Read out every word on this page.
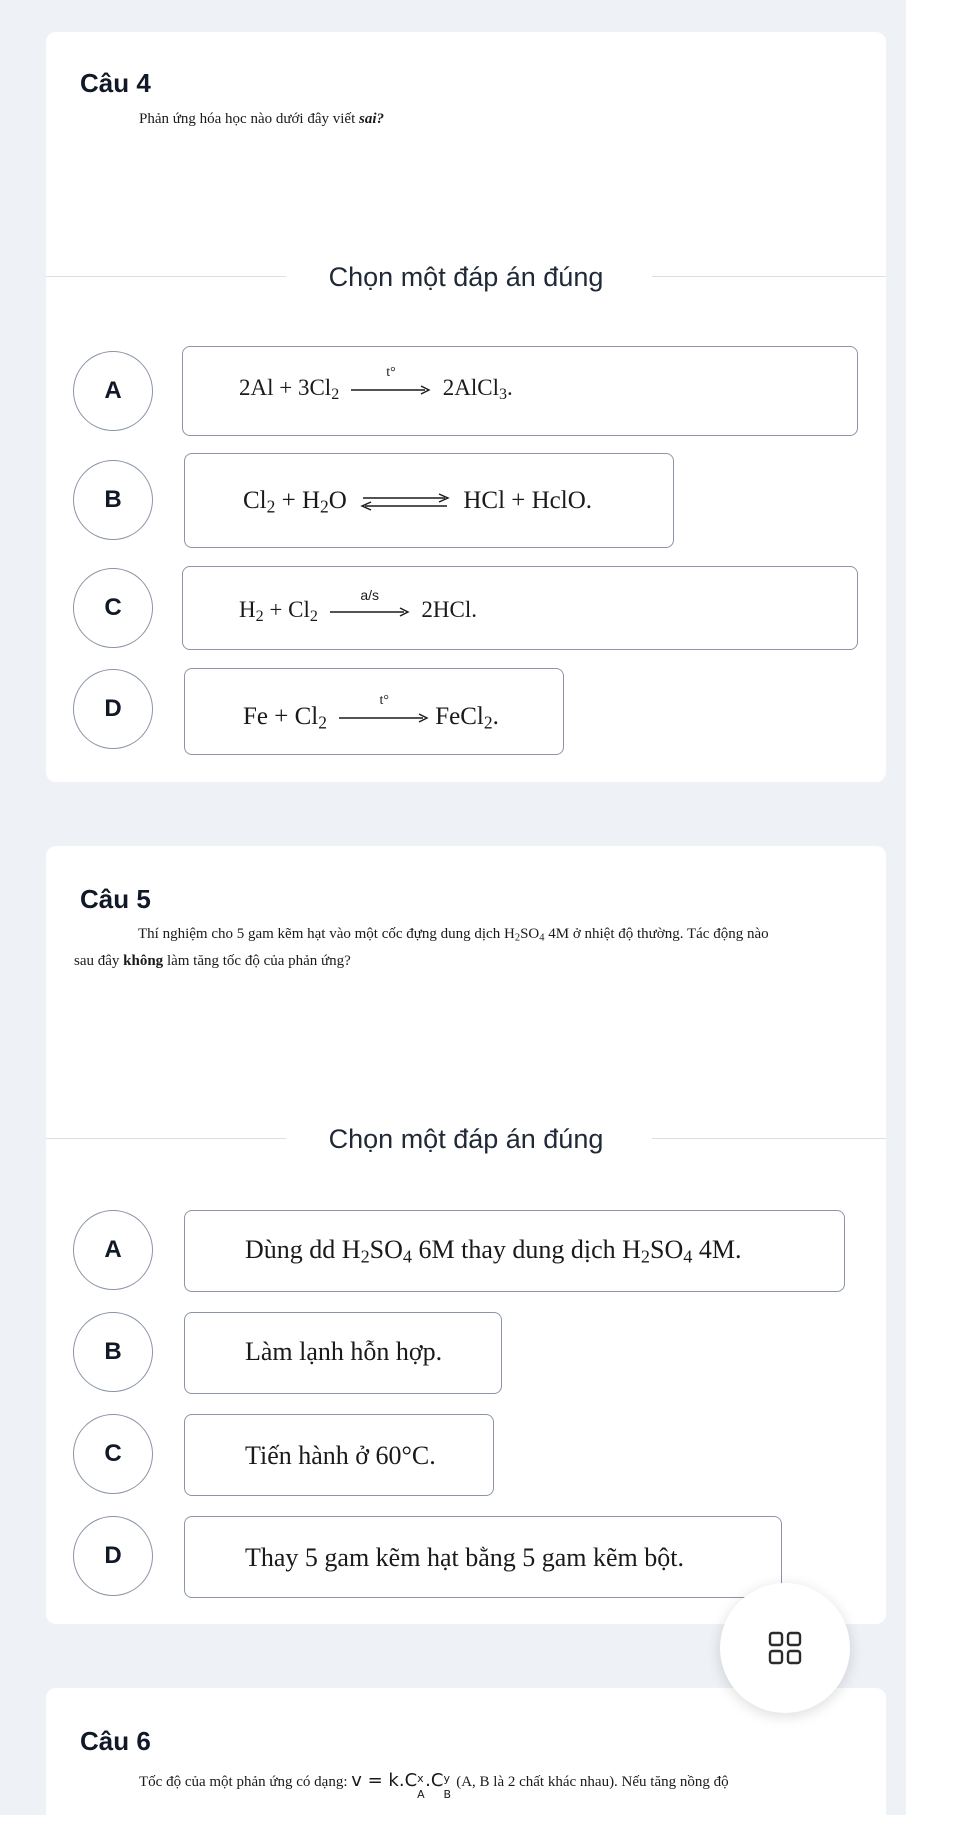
Câu 4
Phản ứng hóa học nào dưới đây viết sai?
Chọn một đáp án đúng
A	$2Al + 3Cl_2$
t°
2AlCl$_3$.
B	$Cl_2 + H_2O$ ⇌ HCl + HclO.
C	$H_2 + Cl_2$
a/s
2HCl.
D	$Fe + Cl_2$
t°
FeCl$_2$.
Câu 5
Thí nghiệm cho 5 gam kẽm hạt vào một cốc đựng dung dịch $H_2SO_4$ 4M ở nhiệt độ thường. Tác động nào
sau đây không làm tăng tốc độ của phản ứng?
Chọn một đáp án đúng
A	Dùng dd $H_2SO_4$ 6M thay dung dịch $H_2SO_4$ 4M.
B	Làm lạnh hỗn hợp.
C	Tiến hành ở 60°C.
D	Thay 5 gam kẽm hạt bằng 5 gam kẽm bột.
Câu 6
Tốc độ của một phản ứng có dạng: v = k.C x
A
.C y
B
(A, B là 2 chất khác nhau). Nếu tăng nồng độ
